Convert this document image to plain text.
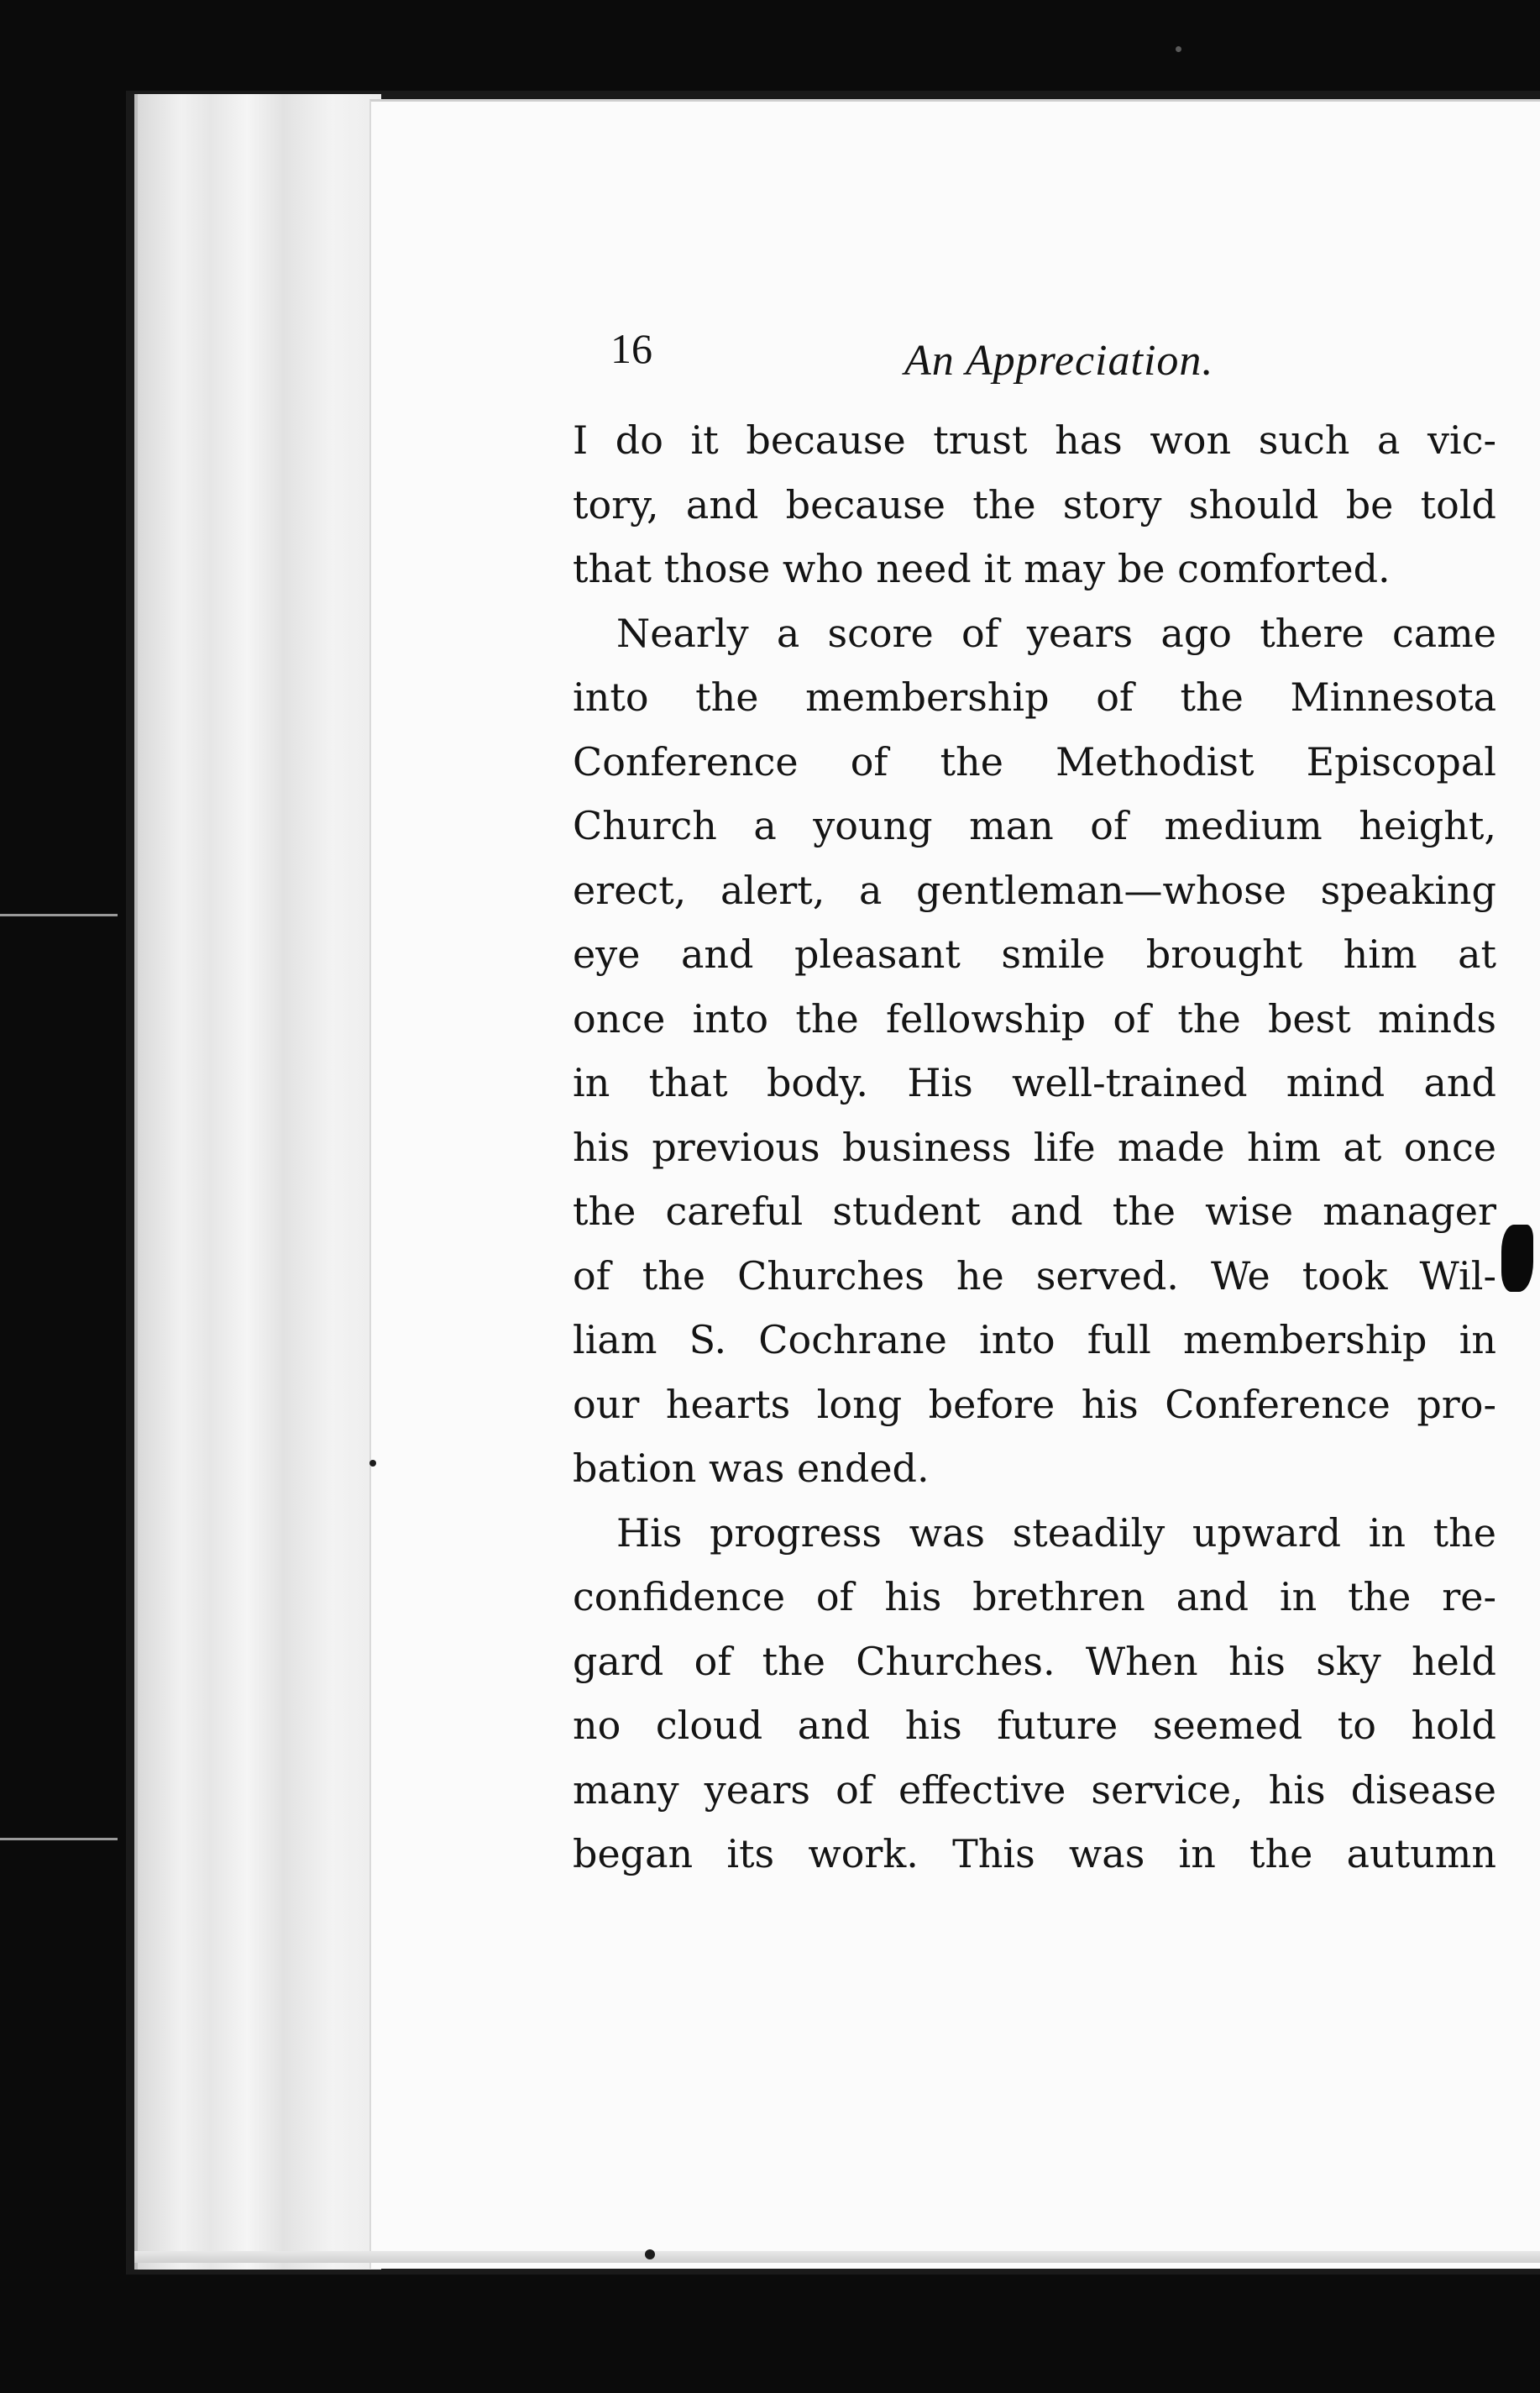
16	An Appreciation.

I do it because trust has won such a vic-
tory, and because the story should be told
that those who need it may be comforted.

Nearly a score of years ago there came
into the membership of the Minnesota
Conference of the Methodist Episcopal
Church a young man of medium height,
erect, alert, a gentleman—whose speaking
eye and pleasant smile brought him at
once into the fellowship of the best minds
in that body. His well-trained mind and
his previous business life made him at once
the careful student and the wise manager
of the Churches he served. We took Wil-
liam S. Cochrane into full membership in
our hearts long before his Conference pro-
bation was ended.

His progress was steadily upward in the
confidence of his brethren and in the re-
gard of the Churches. When his sky held
no cloud and his future seemed to hold
many years of effective service, his disease
began its work. This was in the autumn
